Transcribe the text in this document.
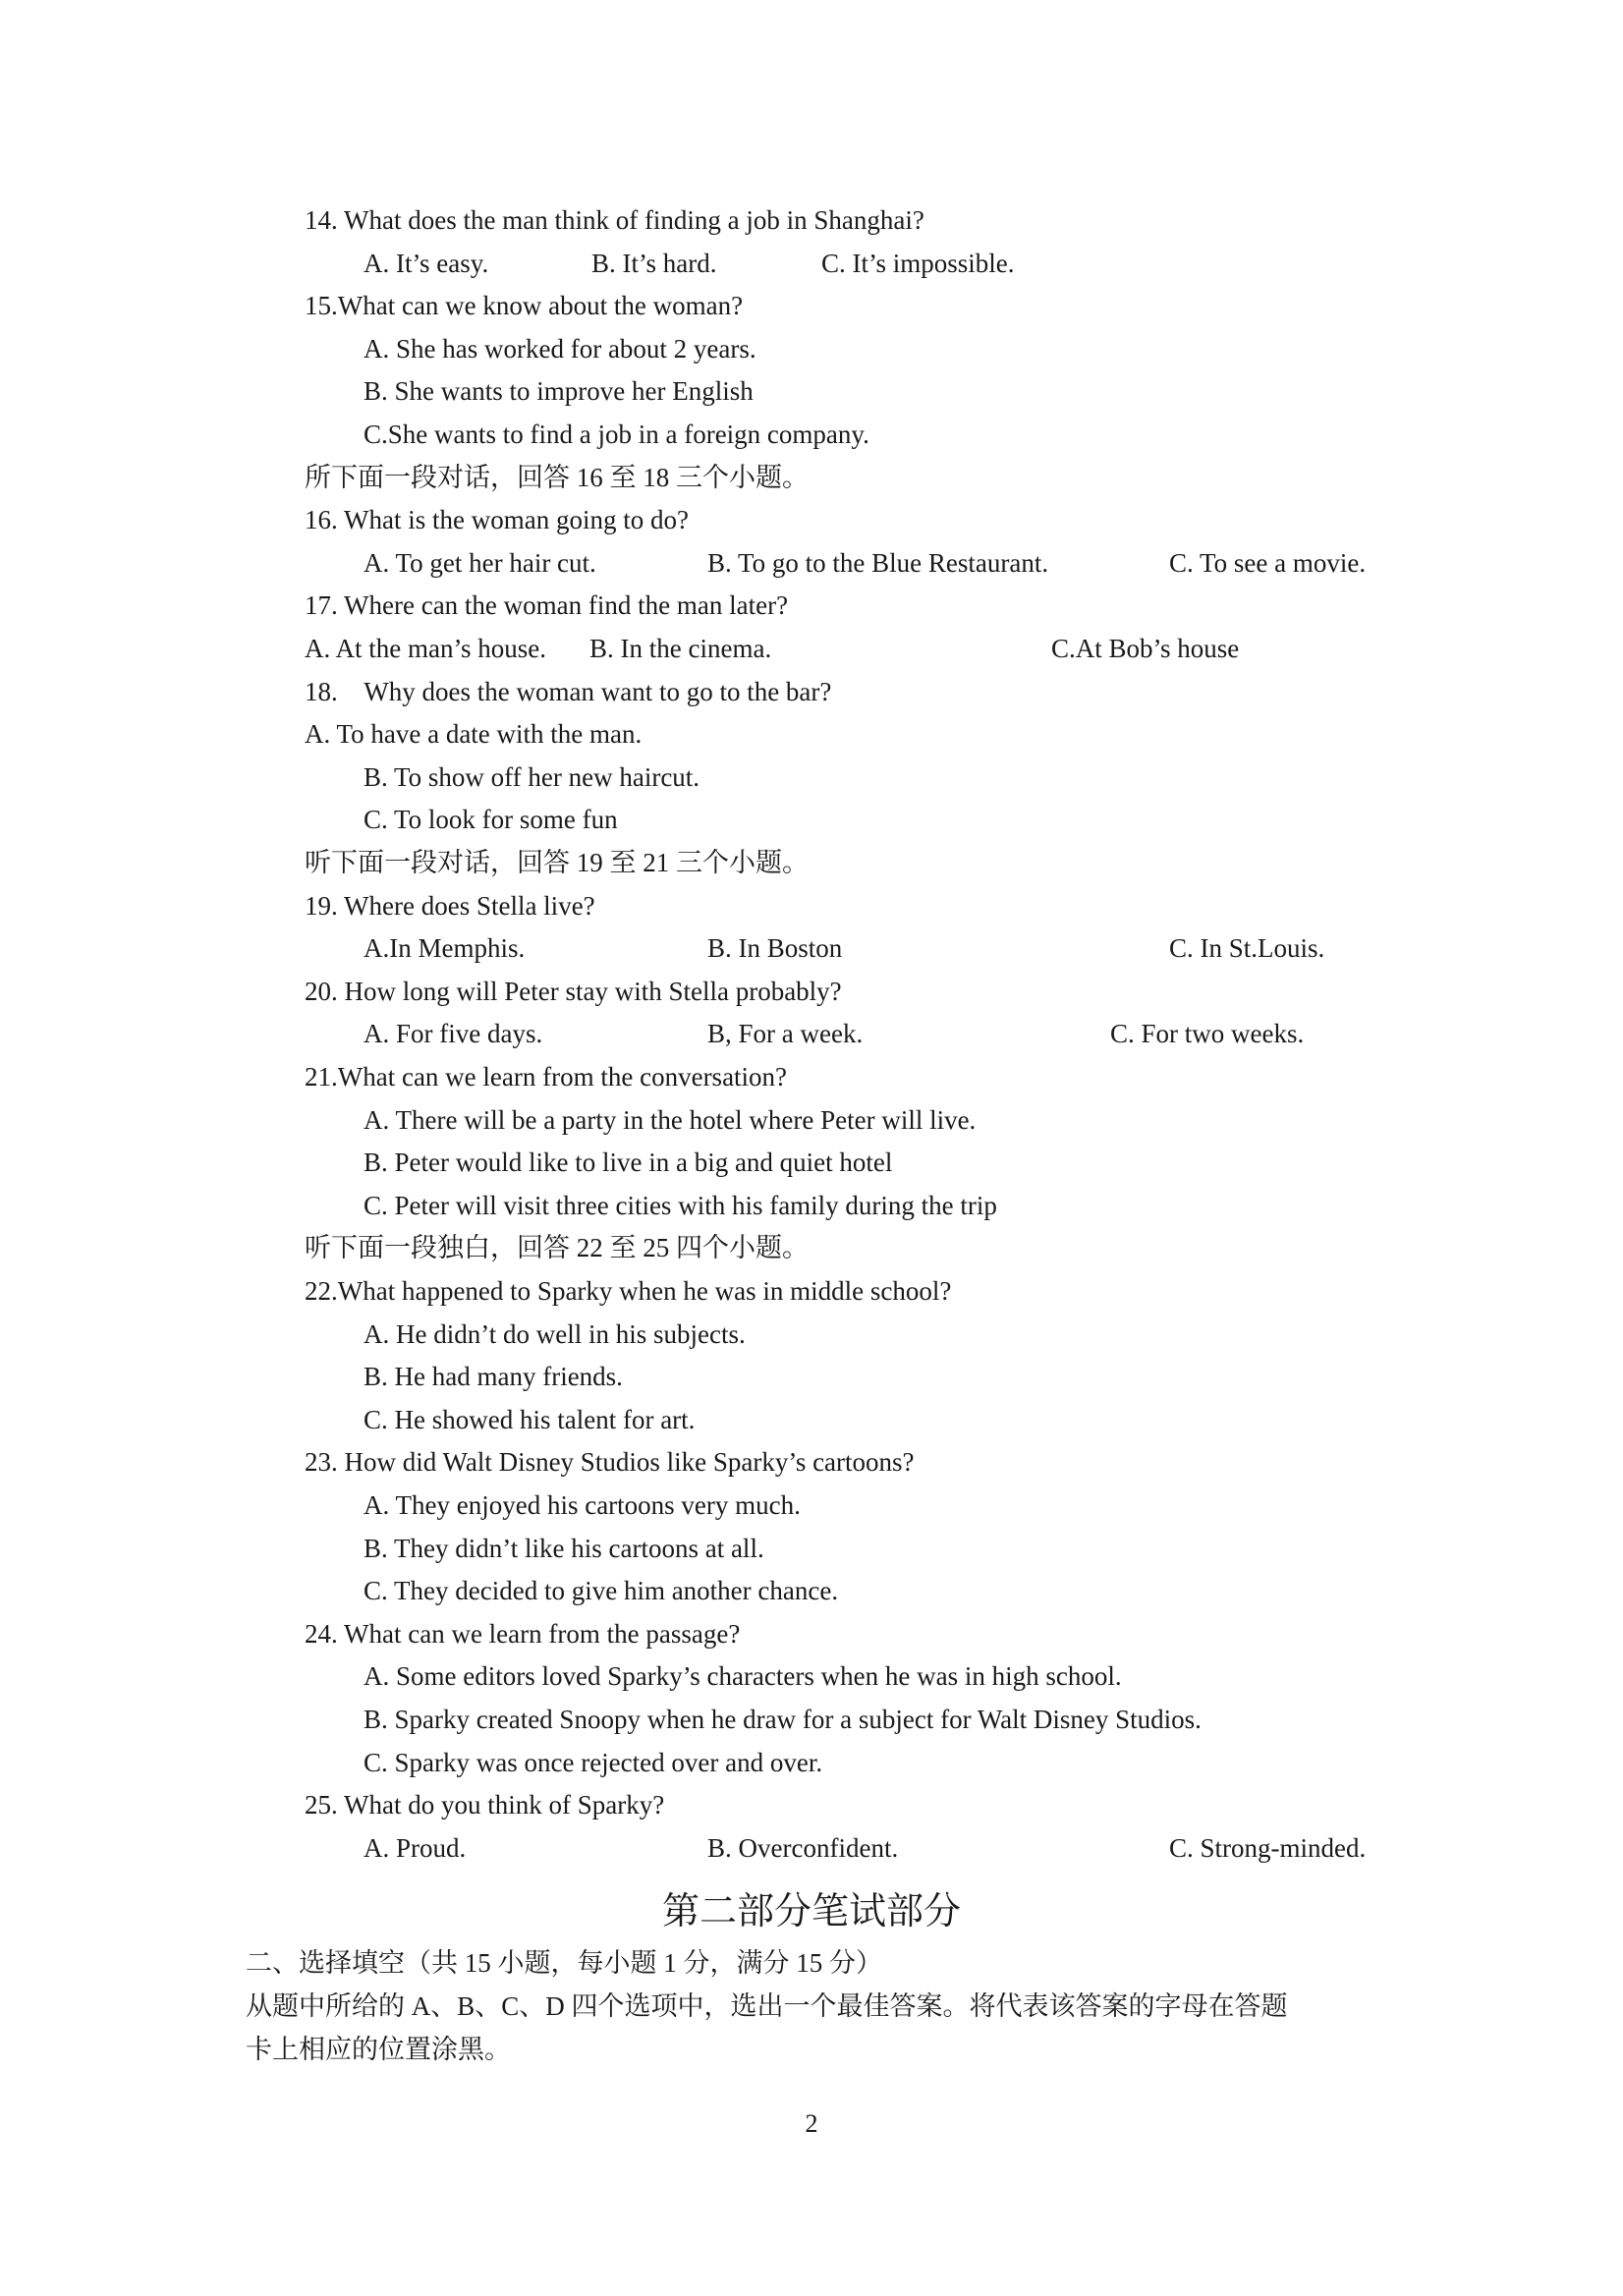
14. What does the man think of finding a job in Shanghai?
A. It’s easy.	B. It’s hard.	C. It’s impossible.
15.What can we know about the woman?
A. She has worked for about 2 years.
B. She wants to improve her English
C.She wants to find a job in a foreign company.
所下面一段对话，回答 16 至 18 三个小题。
16. What is the woman going to do?
A. To get her hair cut.	B. To go to the Blue Restaurant.	C. To see a movie.
17. Where can the woman find the man later?
A. At the man’s house. B. In the cinema.	C.At Bob’s house
18.    Why does the woman want to go to the bar?
A. To have a date with the man.
B. To show off her new haircut.
C. To look for some fun
听下面一段对话，回答 19 至 21 三个小题。
19. Where does Stella live?
A.In Memphis.	B. In Boston	C. In St.Louis.
20. How long will Peter stay with Stella probably?
A. For five days.	B, For a week.	C. For two weeks.
21.What can we learn from the conversation?
A. There will be a party in the hotel where Peter will live.
B. Peter would like to live in a big and quiet hotel
C. Peter will visit three cities with his family during the trip
听下面一段独白，回答 22 至 25 四个小题。
22.What happened to Sparky when he was in middle school?
A. He didn’t do well in his subjects.
B. He had many friends.
C. He showed his talent for art.
23. How did Walt Disney Studios like Sparky’s cartoons?
A. They enjoyed his cartoons very much.
B. They didn’t like his cartoons at all.
C. They decided to give him another chance.
24. What can we learn from the passage?
A. Some editors loved Sparky’s characters when he was in high school.
B. Sparky created Snoopy when he draw for a subject for Walt Disney Studios.
C. Sparky was once rejected over and over.
25. What do you think of Sparky?
A. Proud.	B. Overconfident.	C. Strong-minded.
第二部分笔试部分
二、选择填空（共 15 小题，每小题 1 分，满分 15 分）
从题中所给的 A、B、C、D 四个选项中，选出一个最佳答案。将代表该答案的字母在答题
卡上相应的位置涂黑。
2
